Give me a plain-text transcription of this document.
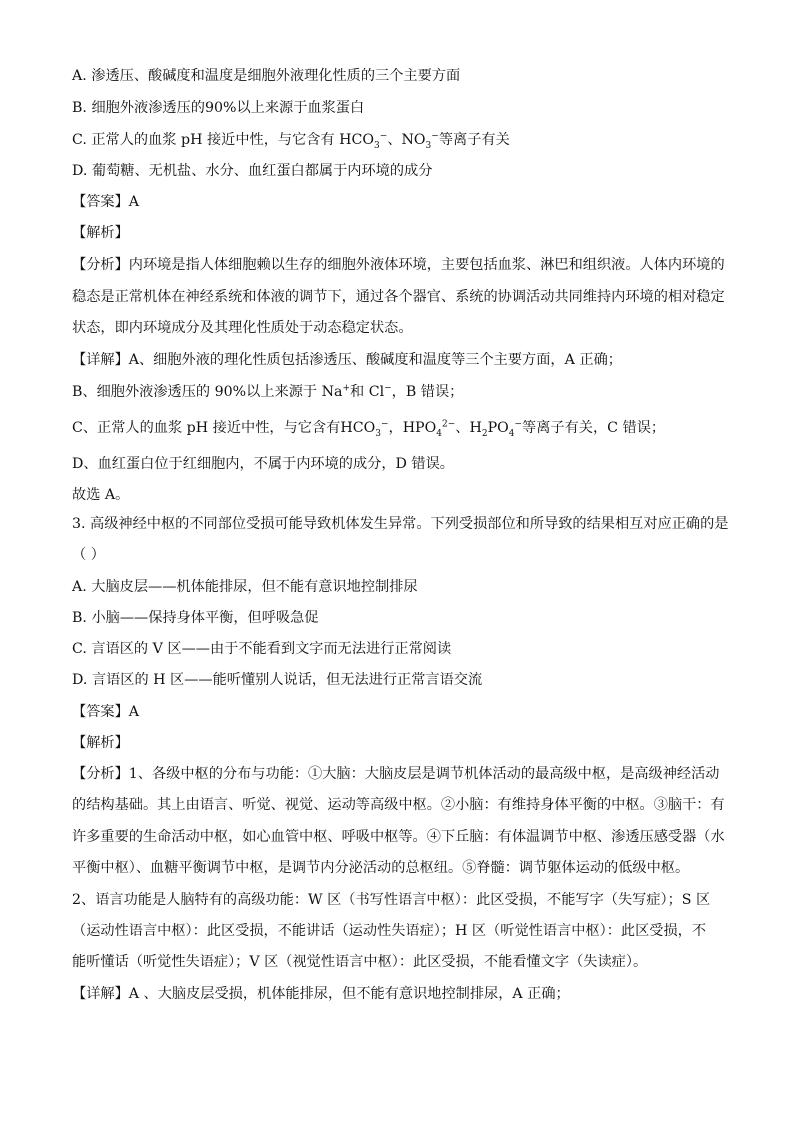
A. 渗透压、酸碱度和温度是细胞外液理化性质的三个主要方面
B. 细胞外液渗透压的90%以上来源于血浆蛋白
C. 正常人的血浆 pH 接近中性，与它含有 $HCO_3^-$、$NO_3^-$等离子有关
D. 葡萄糖、无机盐、水分、血红蛋白都属于内环境的成分
【答案】A
【解析】
【分析】内环境是指人体细胞赖以生存的细胞外液体环境，主要包括血浆、淋巴和组织液。人体内环境的
稳态是正常机体在神经系统和体液的调节下，通过各个器官、系统的协调活动共同维持内环境的相对稳定
状态，即内环境成分及其理化性质处于动态稳定状态。
【详解】A、细胞外液的理化性质包括渗透压、酸碱度和温度等三个主要方面，A 正确；
B、细胞外液渗透压的 90%以上来源于 Na+和 Cl−，B 错误；
C、正常人的血浆 pH 接近中性，与它含有$HCO_3^-$，$HPO_4^{2-}$、$H_2PO_4^-$等离子有关，C 错误；
D、血红蛋白位于红细胞内，不属于内环境的成分，D 错误。
故选 A。
3. 高级神经中枢的不同部位受损可能导致机体发生异常。下列受损部位和所导致的结果相互对应正确的是
（ ）
A. 大脑皮层——机体能排尿，但不能有意识地控制排尿
B. 小脑——保持身体平衡，但呼吸急促
C. 言语区的 V 区——由于不能看到文字而无法进行正常阅读
D. 言语区的 H 区——能听懂别人说话，但无法进行正常言语交流
【答案】A
【解析】
【分析】1、各级中枢的分布与功能：①大脑：大脑皮层是调节机体活动的最高级中枢，是高级神经活动
的结构基础。其上由语言、听觉、视觉、运动等高级中枢。②小脑：有维持身体平衡的中枢。③脑干：有
许多重要的生命活动中枢，如心血管中枢、呼吸中枢等。④下丘脑：有体温调节中枢、渗透压感受器（水
平衡中枢）、血糖平衡调节中枢，是调节内分泌活动的总枢纽。⑤脊髓：调节躯体运动的低级中枢。
2、语言功能是人脑特有的高级功能：W 区（书写性语言中枢）：此区受损，不能写字（失写症）；S 区
（运动性语言中枢）：此区受损，不能讲话（运动性失语症）；H 区（听觉性语言中枢）：此区受损，不
能听懂话（听觉性失语症）；V 区（视觉性语言中枢）：此区受损，不能看懂文字（失读症）。
【详解】A 、大脑皮层受损，机体能排尿，但不能有意识地控制排尿，A 正确；
